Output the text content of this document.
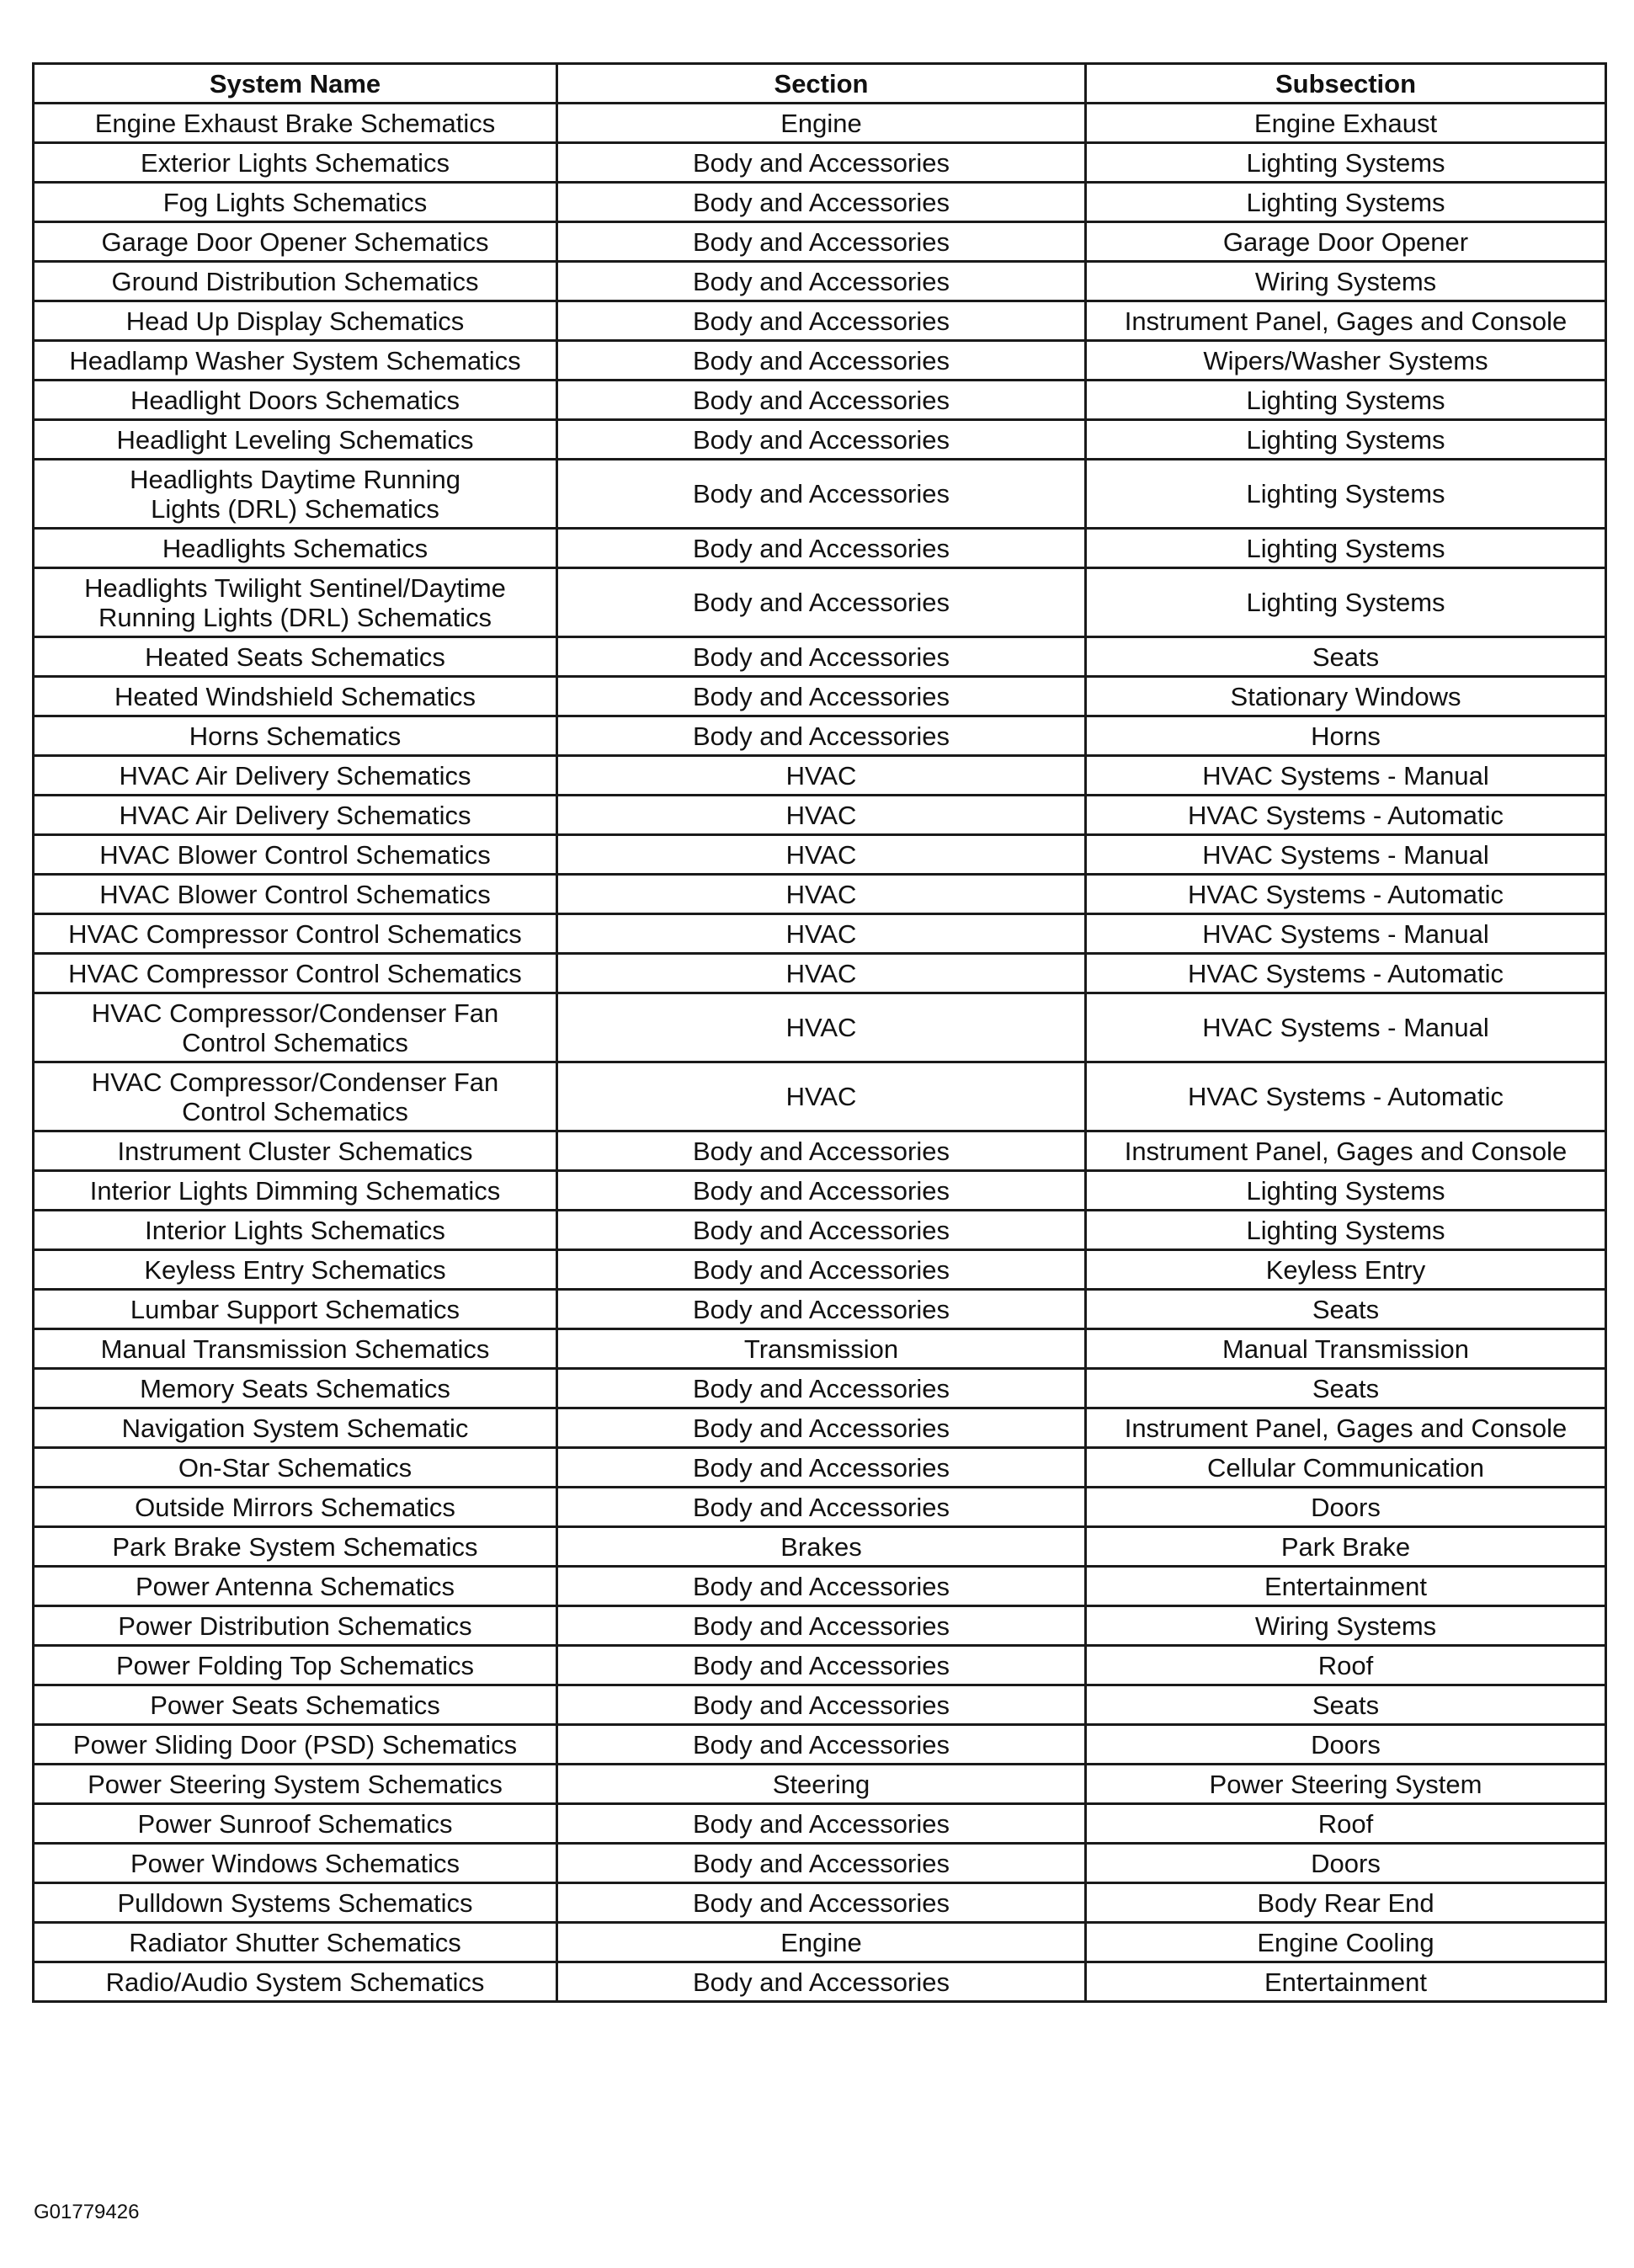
System Name	Section	Subsection
Engine Exhaust Brake Schematics	Engine	Engine Exhaust
Exterior Lights Schematics	Body and Accessories	Lighting Systems
Fog Lights Schematics	Body and Accessories	Lighting Systems
Garage Door Opener Schematics	Body and Accessories	Garage Door Opener
Ground Distribution Schematics	Body and Accessories	Wiring Systems
Head Up Display Schematics	Body and Accessories	Instrument Panel, Gages and Console
Headlamp Washer System Schematics	Body and Accessories	Wipers/Washer Systems
Headlight Doors Schematics	Body and Accessories	Lighting Systems
Headlight Leveling Schematics	Body and Accessories	Lighting Systems
Headlights Daytime Running
Lights (DRL) Schematics	Body and Accessories	Lighting Systems
Headlights Schematics	Body and Accessories	Lighting Systems
Headlights Twilight Sentinel/Daytime
Running Lights (DRL) Schematics	Body and Accessories	Lighting Systems
Heated Seats Schematics	Body and Accessories	Seats
Heated Windshield Schematics	Body and Accessories	Stationary Windows
Horns Schematics	Body and Accessories	Horns
HVAC Air Delivery Schematics	HVAC	HVAC Systems - Manual
HVAC Air Delivery Schematics	HVAC	HVAC Systems - Automatic
HVAC Blower Control Schematics	HVAC	HVAC Systems - Manual
HVAC Blower Control Schematics	HVAC	HVAC Systems - Automatic
HVAC Compressor Control Schematics	HVAC	HVAC Systems - Manual
HVAC Compressor Control Schematics	HVAC	HVAC Systems - Automatic
HVAC Compressor/Condenser Fan
Control Schematics	HVAC	HVAC Systems - Manual
HVAC Compressor/Condenser Fan
Control Schematics	HVAC	HVAC Systems - Automatic
Instrument Cluster Schematics	Body and Accessories	Instrument Panel, Gages and Console
Interior Lights Dimming Schematics	Body and Accessories	Lighting Systems
Interior Lights Schematics	Body and Accessories	Lighting Systems
Keyless Entry Schematics	Body and Accessories	Keyless Entry
Lumbar Support Schematics	Body and Accessories	Seats
Manual Transmission Schematics	Transmission	Manual Transmission
Memory Seats Schematics	Body and Accessories	Seats
Navigation System Schematic	Body and Accessories	Instrument Panel, Gages and Console
On-Star Schematics	Body and Accessories	Cellular Communication
Outside Mirrors Schematics	Body and Accessories	Doors
Park Brake System Schematics	Brakes	Park Brake
Power Antenna Schematics	Body and Accessories	Entertainment
Power Distribution Schematics	Body and Accessories	Wiring Systems
Power Folding Top Schematics	Body and Accessories	Roof
Power Seats Schematics	Body and Accessories	Seats
Power Sliding Door (PSD) Schematics	Body and Accessories	Doors
Power Steering System Schematics	Steering	Power Steering System
Power Sunroof Schematics	Body and Accessories	Roof
Power Windows Schematics	Body and Accessories	Doors
Pulldown Systems Schematics	Body and Accessories	Body Rear End
Radiator Shutter Schematics	Engine	Engine Cooling
Radio/Audio System Schematics	Body and Accessories	Entertainment
G01779426
